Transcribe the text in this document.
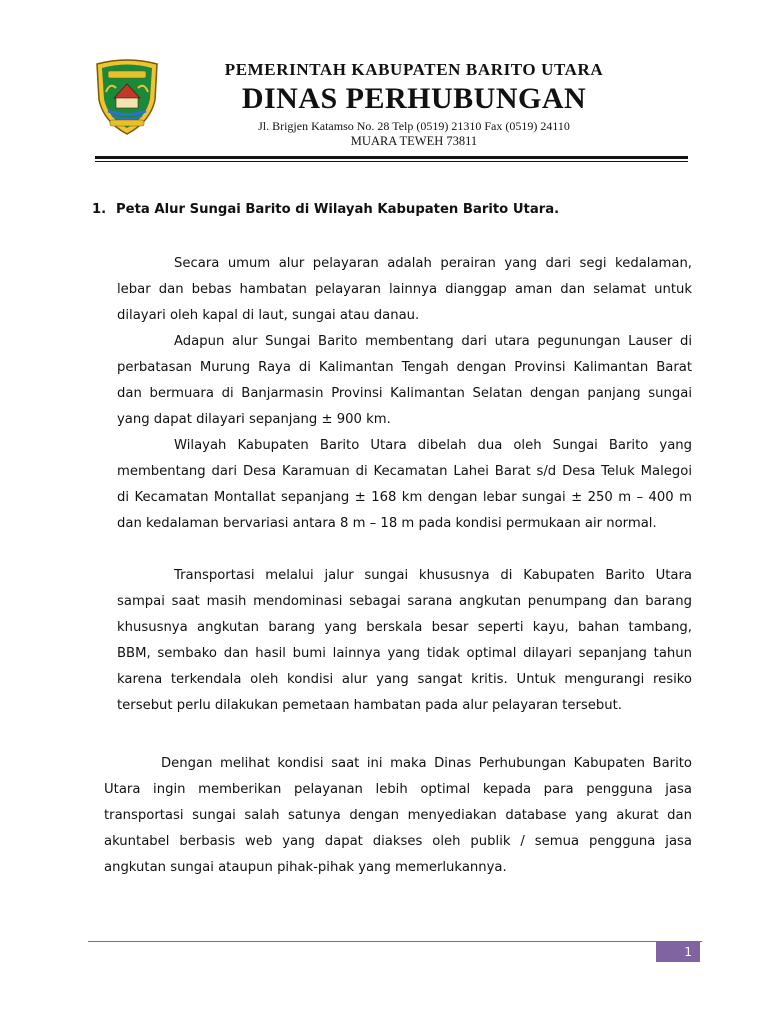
PEMERINTAH KABUPATEN BARITO UTARA
DINAS PERHUBUNGAN
Jl. Brigjen Katamso No. 28 Telp (0519) 21310 Fax (0519) 24110
MUARA TEWEH 73811
1. Peta Alur Sungai Barito di Wilayah Kabupaten Barito Utara.
Secara umum alur pelayaran adalah perairan yang dari segi kedalaman,
lebar dan bebas hambatan pelayaran lainnya dianggap aman dan selamat untuk
dilayari oleh kapal di laut, sungai atau danau.
Adapun alur Sungai Barito membentang dari utara pegunungan Lauser di
perbatasan Murung Raya di Kalimantan Tengah dengan Provinsi Kalimantan Barat
dan bermuara di Banjarmasin Provinsi Kalimantan Selatan dengan panjang sungai
yang dapat dilayari sepanjang ± 900 km.
Wilayah Kabupaten Barito Utara dibelah dua oleh Sungai Barito yang
membentang dari Desa Karamuan di Kecamatan Lahei Barat s/d Desa Teluk Malegoi
di Kecamatan Montallat sepanjang ± 168 km dengan lebar sungai ± 250 m – 400 m
dan kedalaman bervariasi antara 8 m – 18 m pada kondisi permukaan air normal.
Transportasi melalui jalur sungai khususnya di Kabupaten Barito Utara
sampai saat masih mendominasi sebagai sarana angkutan penumpang dan barang
khususnya angkutan barang yang berskala besar seperti kayu, bahan tambang,
BBM, sembako dan hasil bumi lainnya yang tidak optimal dilayari sepanjang tahun
karena terkendala oleh kondisi alur yang sangat kritis. Untuk mengurangi resiko
tersebut perlu dilakukan pemetaan hambatan pada alur pelayaran tersebut.
Dengan melihat kondisi saat ini maka Dinas Perhubungan Kabupaten Barito
Utara ingin memberikan pelayanan lebih optimal kepada para pengguna jasa
transportasi sungai salah satunya dengan menyediakan database yang akurat dan
akuntabel berbasis web yang dapat diakses oleh publik / semua pengguna jasa
angkutan sungai ataupun pihak-pihak yang memerlukannya.
1
